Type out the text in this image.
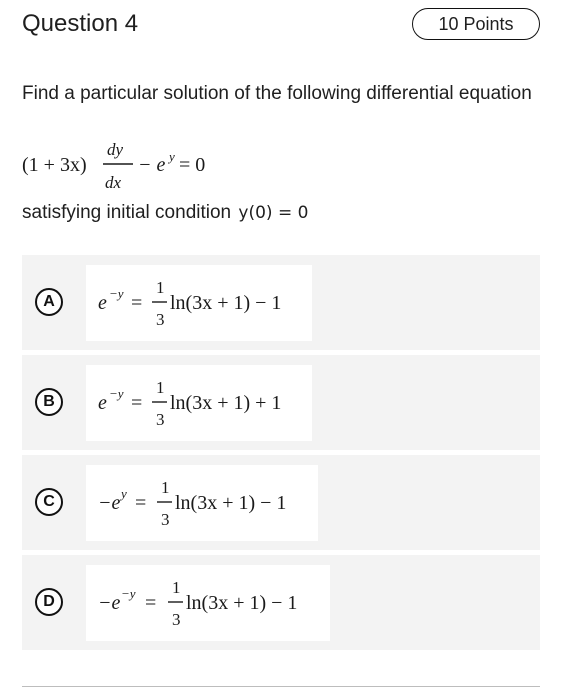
Question 4	10 Points
Find a particular solution of the following differential equation
(1 + 3x)
dy
dx
− e y = 0
satisfying initial condition y(0) = 0
A	e −y =
1
3
ln(3x + 1) − 1
B	e −y =
1
3
ln(3x + 1) + 1
C	−e y =
1
3
ln(3x + 1) − 1
D	−e −y =
1
3
ln(3x + 1) − 1
